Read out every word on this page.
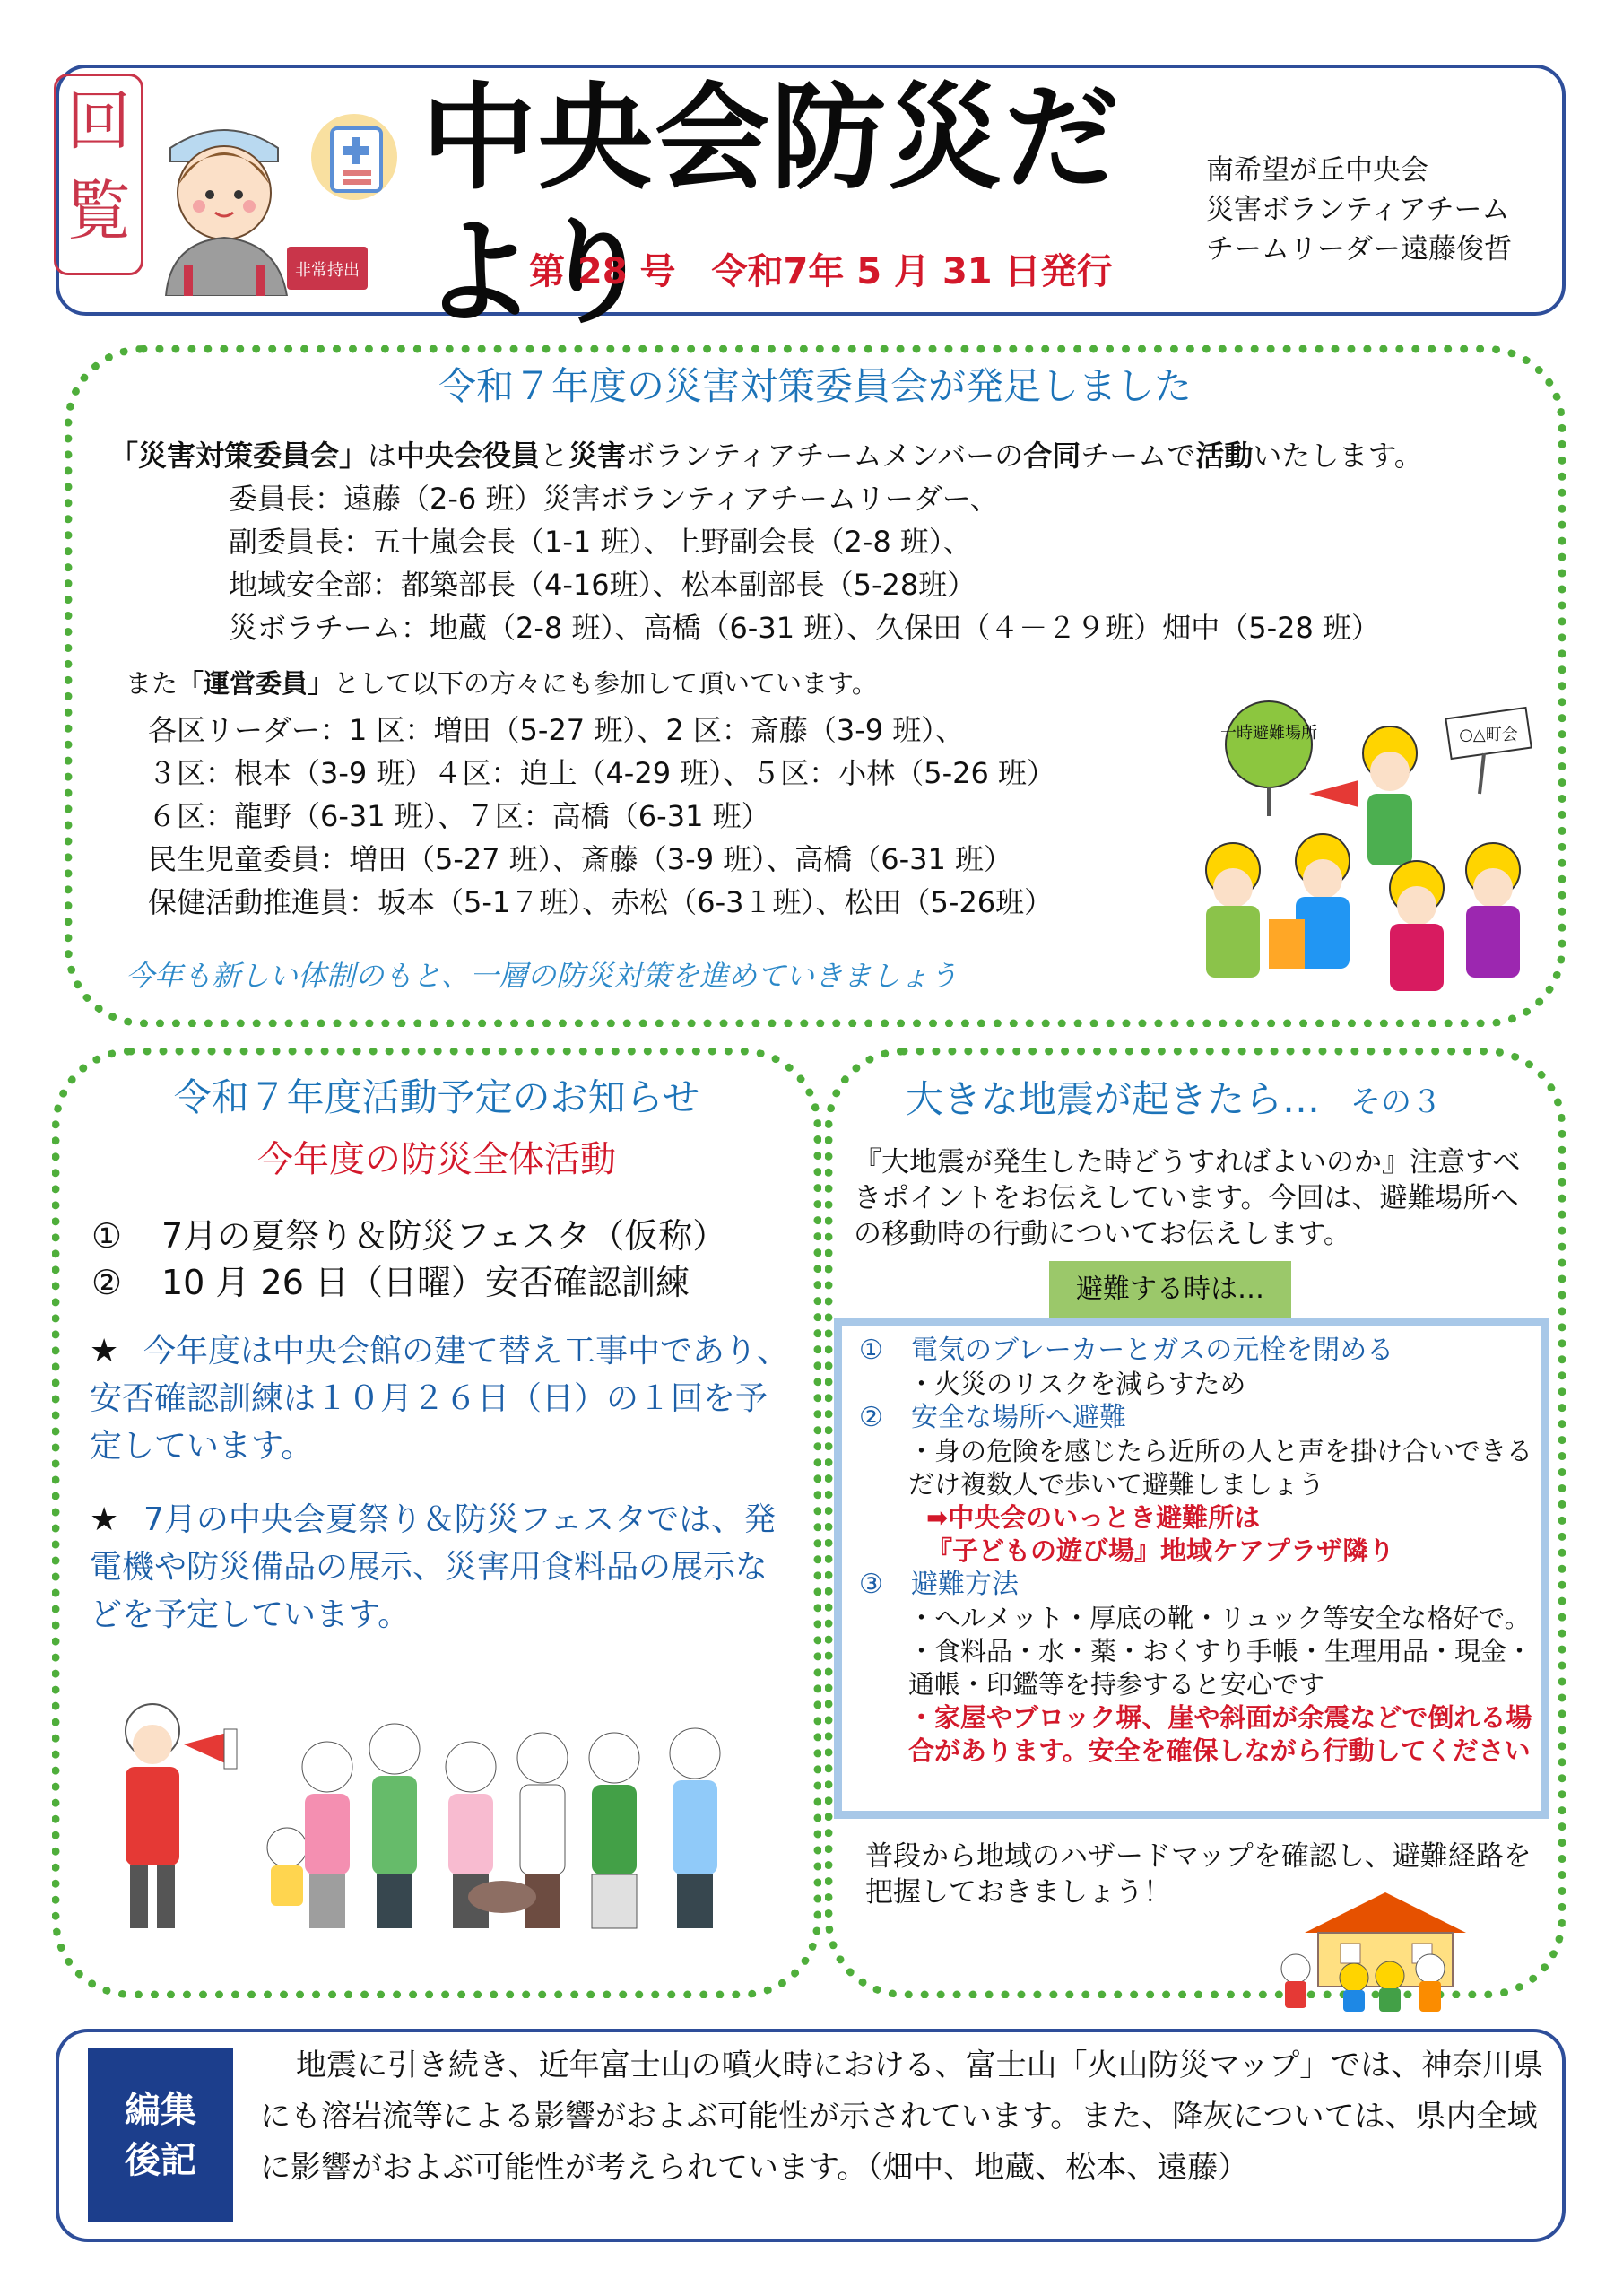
回
覧
非常持出
中央会防災だより
第 28 号　令和7年 5 月 31 日発行
南希望が丘中央会
災害ボランティアチーム
チームリーダー遠藤俊哲
令和７年度の災害対策委員会が発足しました
「災害対策委員会」は中央会役員と災害ボランティアチームメンバーの合同チームで活動いたします。
委員長：遠藤（2-6 班）災害ボランティアチームリーダー、
副委員長：五十嵐会長（1-1 班）、上野副会長（2-8 班）、
地域安全部：都築部長（4-16班）、松本副部長（5-28班）
災ボラチーム：地蔵（2-8 班）、高橋（6-31 班）、久保田（４－２９班）畑中（5-28 班）
また「運営委員」として以下の方々にも参加して頂いています。
各区リーダー：1 区：増田（5-27 班）、2 区：斎藤（3-9 班）、
３区：根本（3-9 班）４区：迫上（4-29 班）、５区：小林（5-26 班）
６区：龍野（6-31 班）、７区：高橋（6-31 班）
民生児童委員：増田（5-27 班）、斎藤（3-9 班）、高橋（6-31 班）
保健活動推進員：坂本（5-1７班）、赤松（6-3１班）、松田（5-26班）
今年も新しい体制のもと、一層の防災対策を進めていきましょう
一時避難場所	○△町会
令和７年度活動予定のお知らせ
今年度の防災全体活動
① 7月の夏祭り＆防災フェスタ（仮称）
② 10 月 26 日（日曜）安否確認訓練
★ 今年度は中央会館の建て替え工事中であり、安否確認訓練は１０月２６日（日）の１回を予定しています。
★ 7月の中央会夏祭り＆防災フェスタでは、発電機や防災備品の展示、災害用食料品の展示などを予定しています。
大きな地震が起きたら… その３
『大地震が発生した時どうすればよいのか』注意すべきポイントをお伝えしています。今回は、避難場所への移動時の行動についてお伝えします。
避難する時は…
① 電気のブレーカーとガスの元栓を閉める
・火災のリスクを減らすため
② 安全な場所へ避難
・身の危険を感じたら近所の人と声を掛け合いできるだけ複数人で歩いて避難しましょう
➡中央会のいっとき避難所は
『子どもの遊び場』地域ケアプラザ隣り
③ 避難方法
・ヘルメット・厚底の靴・リュック等安全な格好で。
・食料品・水・薬・おくすり手帳・生理用品・現金・通帳・印鑑等を持参すると安心です
・家屋やブロック塀、崖や斜面が余震などで倒れる場合があります。安全を確保しながら行動してください
普段から地域のハザードマップを確認し、避難経路を把握しておきましょう！
編集
後記
地震に引き続き、近年富士山の噴火時における、富士山「火山防災マップ」では、神奈川県にも溶岩流等による影響がおよぶ可能性が示されています。また、降灰については、県内全域に影響がおよぶ可能性が考えられています。（畑中、地蔵、松本、遠藤）
